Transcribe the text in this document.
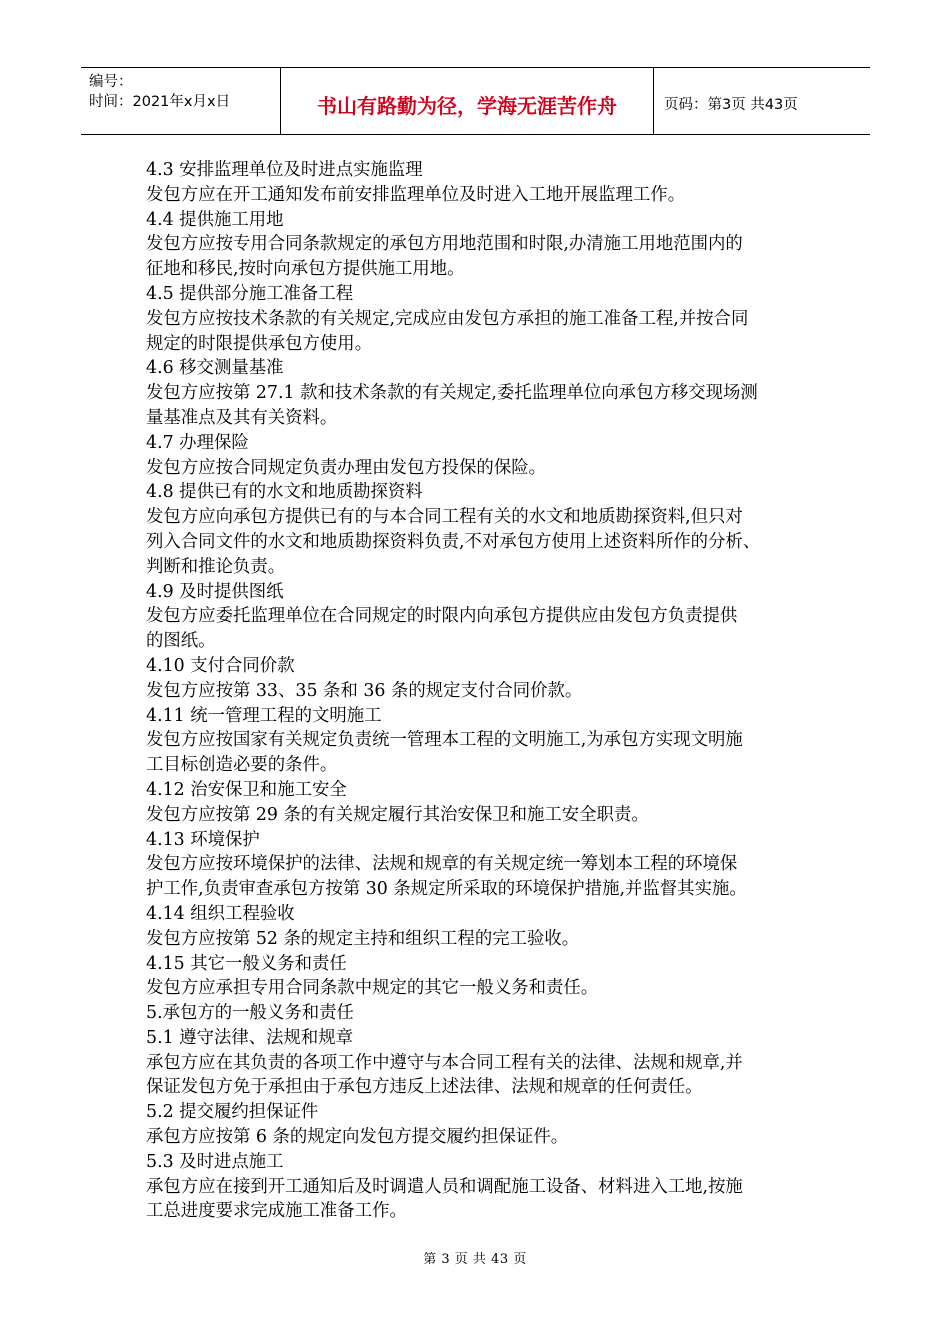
编号：
时间：2021年x月x日	书山有路勤为径，学海无涯苦作舟	页码：第3页 共43页

4.3 安排监理单位及时进点实施监理

发包方应在开工通知发布前安排监理单位及时进入工地开展监理工作。

4.4 提供施工用地

发包方应按专用合同条款规定的承包方用地范围和时限,办清施工用地范围内的

征地和移民,按时向承包方提供施工用地。

4.5 提供部分施工准备工程

发包方应按技术条款的有关规定,完成应由发包方承担的施工准备工程,并按合同

规定的时限提供承包方使用。

4.6 移交测量基准

发包方应按第 27.1 款和技术条款的有关规定,委托监理单位向承包方移交现场测

量基准点及其有关资料。

4.7 办理保险

发包方应按合同规定负责办理由发包方投保的保险。

4.8 提供已有的水文和地质勘探资料

发包方应向承包方提供已有的与本合同工程有关的水文和地质勘探资料,但只对

列入合同文件的水文和地质勘探资料负责,不对承包方使用上述资料所作的分析、

判断和推论负责。

4.9 及时提供图纸

发包方应委托监理单位在合同规定的时限内向承包方提供应由发包方负责提供

的图纸。

4.10 支付合同价款

发包方应按第 33、35 条和 36 条的规定支付合同价款。

4.11 统一管理工程的文明施工

发包方应按国家有关规定负责统一管理本工程的文明施工,为承包方实现文明施

工目标创造必要的条件。

4.12 治安保卫和施工安全

发包方应按第 29 条的有关规定履行其治安保卫和施工安全职责。

4.13 环境保护

发包方应按环境保护的法律、法规和规章的有关规定统一筹划本工程的环境保

护工作,负责审查承包方按第 30 条规定所采取的环境保护措施,并监督其实施。

4.14 组织工程验收

发包方应按第 52 条的规定主持和组织工程的完工验收。

4.15 其它一般义务和责任

发包方应承担专用合同条款中规定的其它一般义务和责任。

5.承包方的一般义务和责任

5.1 遵守法律、法规和规章

承包方应在其负责的各项工作中遵守与本合同工程有关的法律、法规和规章,并

保证发包方免于承担由于承包方违反上述法律、法规和规章的任何责任。

5.2 提交履约担保证件

承包方应按第 6 条的规定向发包方提交履约担保证件。

5.3 及时进点施工

承包方应在接到开工通知后及时调遣人员和调配施工设备、材料进入工地,按施

工总进度要求完成施工准备工作。

第 3 页 共 43 页
